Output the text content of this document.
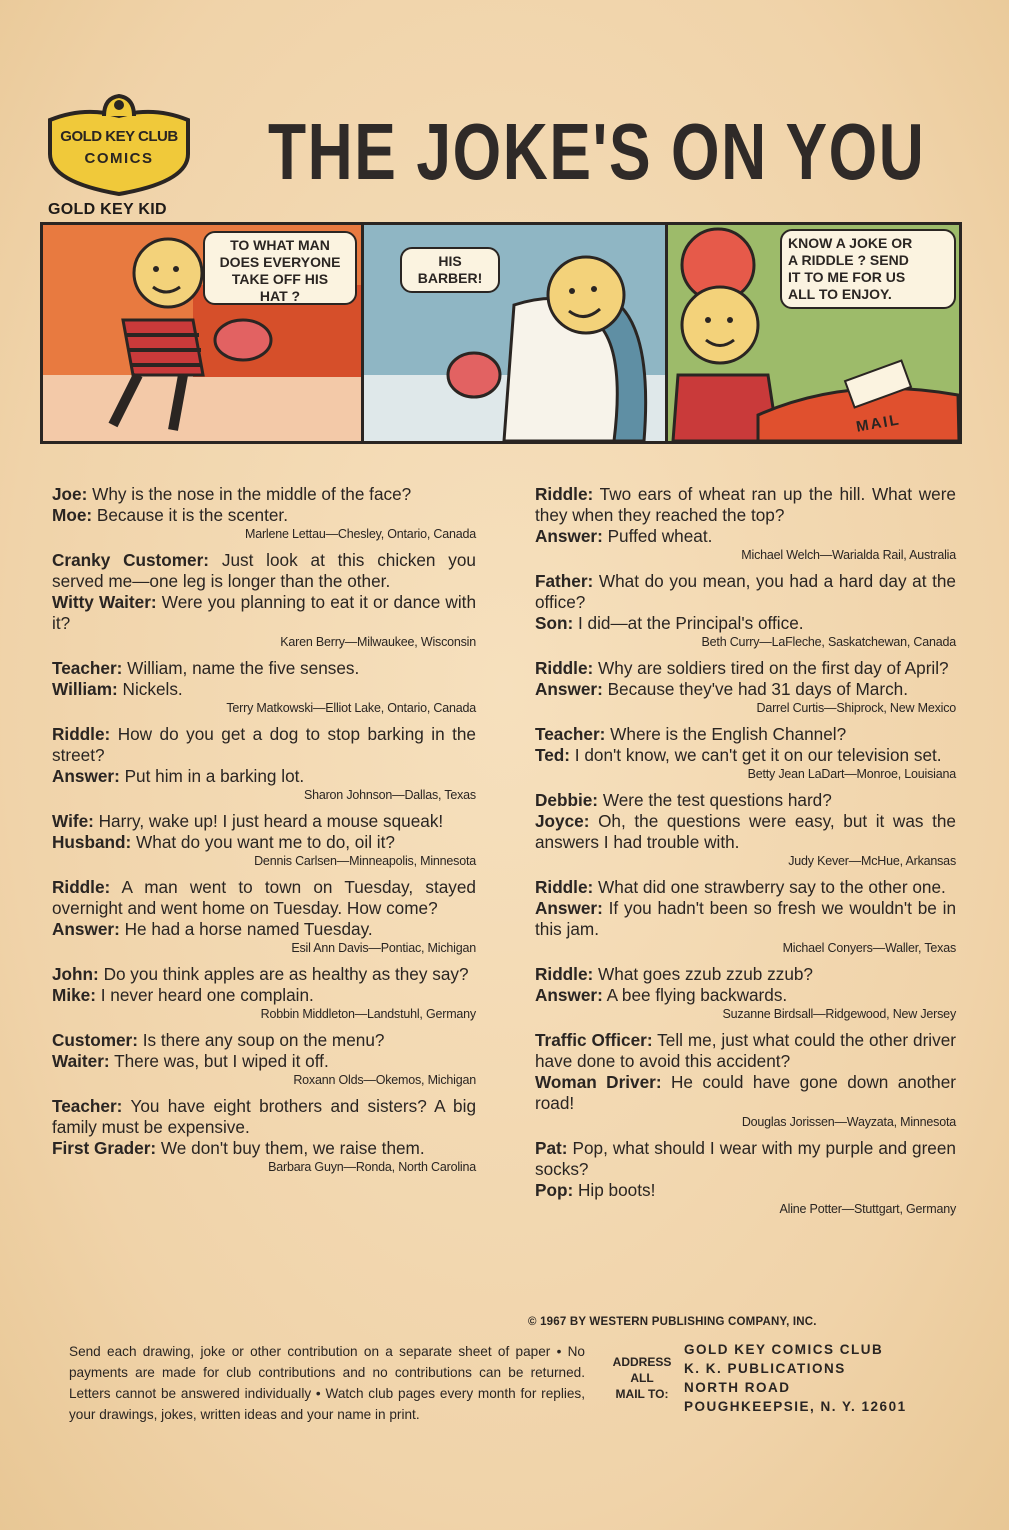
GOLD KEY CLUB
COMICS
GOLD KEY KID
THE JOKE'S ON YOU
TO WHAT MAN
DOES EVERYONE
TAKE OFF HIS
HAT ?
HIS
BARBER!
KNOW A JOKE OR
A RIDDLE ? SEND
IT TO ME FOR US
ALL TO ENJOY.
MAIL
Joe: Why is the nose in the middle of the face?
Moe: Because it is the scenter.
Marlene Lettau—Chesley, Ontario, Canada
Cranky Customer: Just look at this chicken you served me—one leg is longer than the other.
Witty Waiter: Were you planning to eat it or dance with it?
Karen Berry—Milwaukee, Wisconsin
Teacher: William, name the five senses.
William: Nickels.
Terry Matkowski—Elliot Lake, Ontario, Canada
Riddle: How do you get a dog to stop barking in the street?
Answer: Put him in a barking lot.
Sharon Johnson—Dallas, Texas
Wife: Harry, wake up! I just heard a mouse squeak!
Husband: What do you want me to do, oil it?
Dennis Carlsen—Minneapolis, Minnesota
Riddle: A man went to town on Tuesday, stayed overnight and went home on Tuesday. How come?
Answer: He had a horse named Tuesday.
Esil Ann Davis—Pontiac, Michigan
John: Do you think apples are as healthy as they say?
Mike: I never heard one complain.
Robbin Middleton—Landstuhl, Germany
Customer: Is there any soup on the menu?
Waiter: There was, but I wiped it off.
Roxann Olds—Okemos, Michigan
Teacher: You have eight brothers and sisters? A big family must be expensive.
First Grader: We don't buy them, we raise them.
Barbara Guyn—Ronda, North Carolina
Riddle: Two ears of wheat ran up the hill. What were they when they reached the top?
Answer: Puffed wheat.
Michael Welch—Warialda Rail, Australia
Father: What do you mean, you had a hard day at the office?
Son: I did—at the Principal's office.
Beth Curry—LaFleche, Saskatchewan, Canada
Riddle: Why are soldiers tired on the first day of April?
Answer: Because they've had 31 days of March.
Darrel Curtis—Shiprock, New Mexico
Teacher: Where is the English Channel?
Ted: I don't know, we can't get it on our television set.
Betty Jean LaDart—Monroe, Louisiana
Debbie: Were the test questions hard?
Joyce: Oh, the questions were easy, but it was the answers I had trouble with.
Judy Kever—McHue, Arkansas
Riddle: What did one strawberry say to the other one.
Answer: If you hadn't been so fresh we wouldn't be in this jam.
Michael Conyers—Waller, Texas
Riddle: What goes zzub zzub zzub?
Answer: A bee flying backwards.
Suzanne Birdsall—Ridgewood, New Jersey
Traffic Officer: Tell me, just what could the other driver have done to avoid this accident?
Woman Driver: He could have gone down another road!
Douglas Jorissen—Wayzata, Minnesota
Pat: Pop, what should I wear with my purple and green socks?
Pop: Hip boots!
Aline Potter—Stuttgart, Germany
© 1967 BY WESTERN PUBLISHING COMPANY, INC.
Send each drawing, joke or other contribution on a separate sheet of paper • No payments are made for club contributions and no contributions can be returned. Letters cannot be answered individually • Watch club pages every month for replies, your drawings, jokes, written ideas and your name in print.
ADDRESS
ALL
MAIL TO:
GOLD KEY COMICS CLUB
K. K. PUBLICATIONS
NORTH ROAD
POUGHKEEPSIE, N. Y. 12601
